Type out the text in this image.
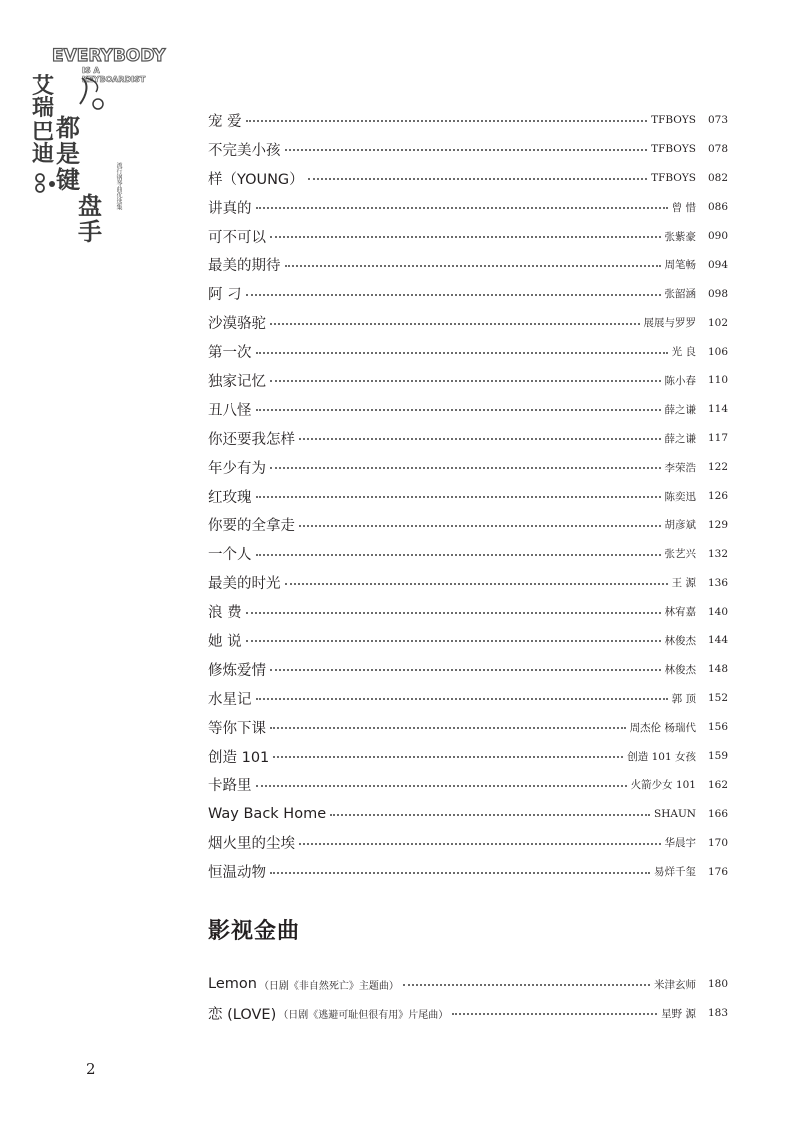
EVERYBODY
IS A KEYBOARDIST
艾
瑞
巴
迪
都
是
键
盘
手
流行钢琴曲优选集
宠 爱	TFBOYS 073
不完美小孩	TFBOYS 078
样（YOUNG）	TFBOYS 082
讲真的	曾 惜 086
可不可以	张紫豪 090
最美的期待	周笔畅 094
阿 刁	张韶涵 098
沙漠骆驼	展展与罗罗 102
第一次	光 良 106
独家记忆	陈小春 110
丑八怪	薛之谦 114
你还要我怎样	薛之谦 117
年少有为	李荣浩 122
红玫瑰	陈奕迅 126
你要的全拿走	胡彦斌 129
一个人	张艺兴 132
最美的时光	王 源 136
浪 费	林宥嘉 140
她 说	林俊杰 144
修炼爱情	林俊杰 148
水星记	郭 顶 152
等你下课	周杰伦 杨瑞代 156
创造 101	创造 101 女孩 159
卡路里	火箭少女 101 162
Way Back Home	SHAUN 166
烟火里的尘埃	华晨宇 170
恒温动物	易烊千玺 176
影视金曲
Lemon （日剧《非自然死亡》主题曲）	米津玄师 180
恋 (LOVE) （日剧《逃避可耻但很有用》片尾曲）	星野 源 183
2
